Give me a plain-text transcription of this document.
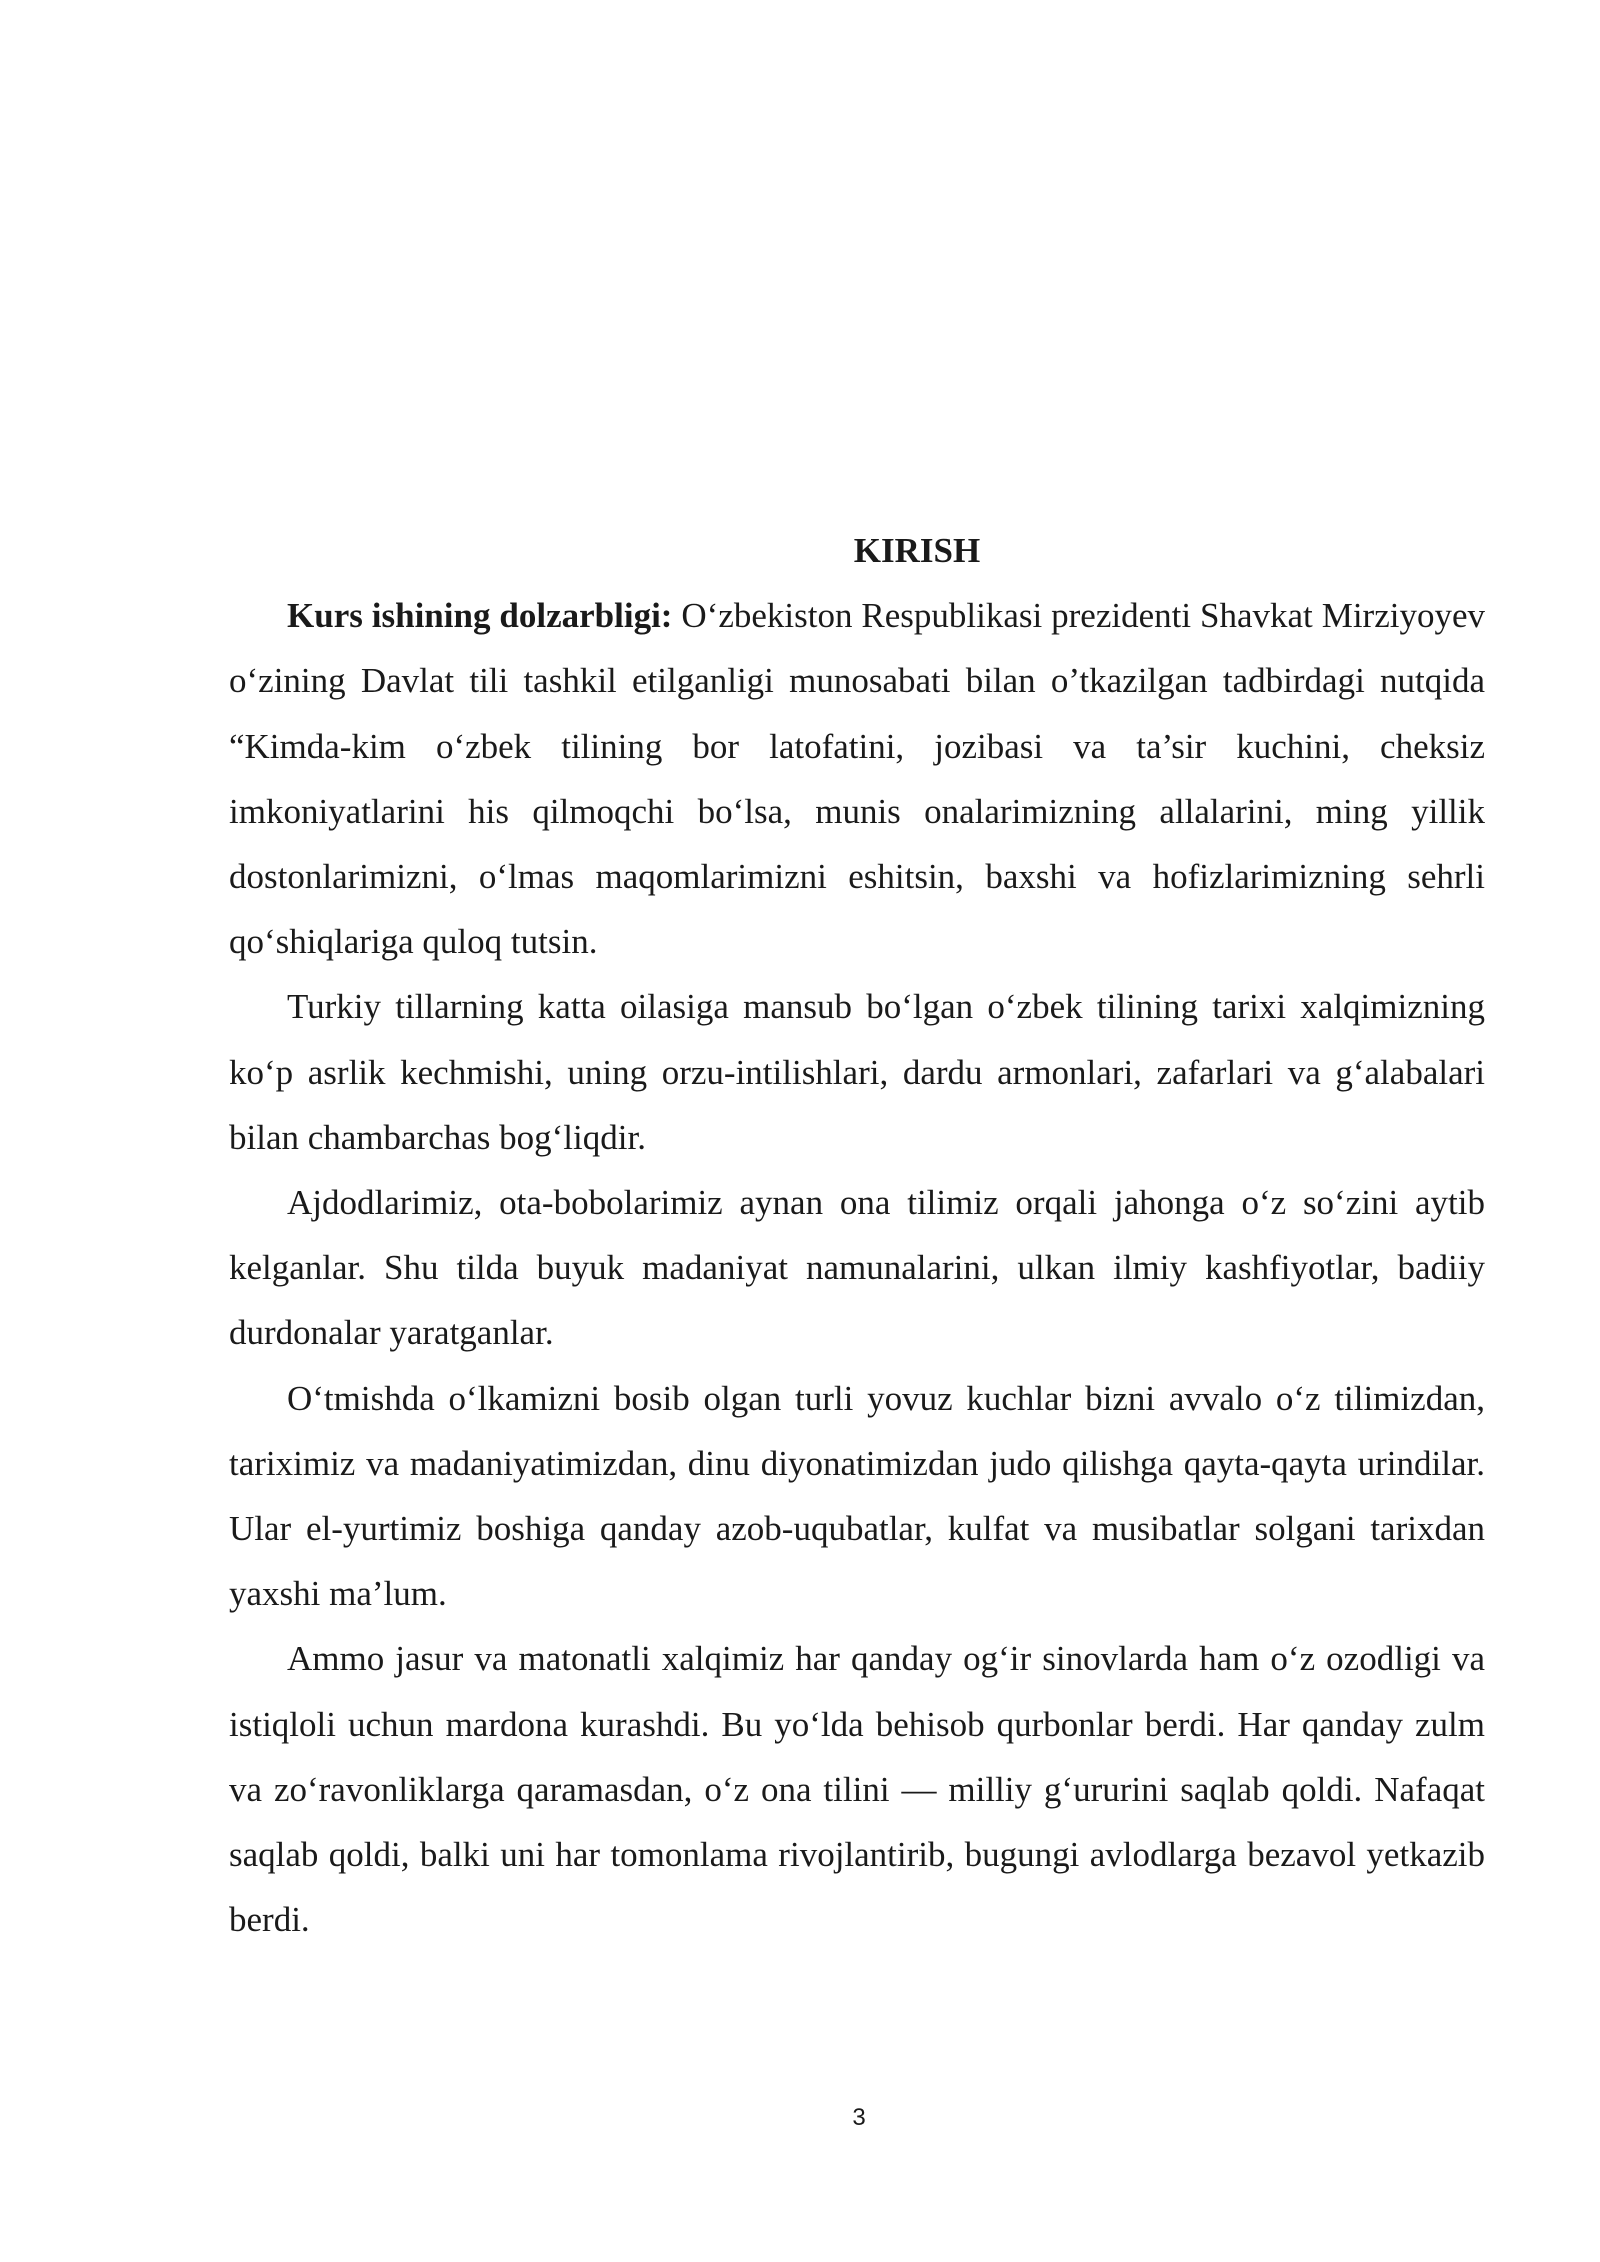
KIRISH

Kurs ishining dolzarbligi: O‘zbekiston Respublikasi prezidenti Shavkat Mirziyoyev o‘zining Davlat tili tashkil etilganligi munosabati bilan o’tkazilgan tadbirdagi nutqida “Kimda-kim o‘zbek tilining bor latofatini, jozibasi va ta’sir kuchini, cheksiz imkoniyatlarini his qilmoqchi bo‘lsa, munis onalarimizning allalarini, ming yillik dostonlarimizni, o‘lmas maqomlarimizni eshitsin, baxshi va hofizlarimizning sehrli qo‘shiqlariga quloq tutsin.

Turkiy tillarning katta oilasiga mansub bo‘lgan o‘zbek tilining tarixi xalqimizning ko‘p asrlik kechmishi, uning orzu-intilishlari, dardu armonlari, zafarlari va g‘alabalari bilan chambarchas bog‘liqdir.

Ajdodlarimiz, ota-bobolarimiz aynan ona tilimiz orqali jahonga o‘z so‘zini aytib kelganlar. Shu tilda buyuk madaniyat namunalarini, ulkan ilmiy kashfiyotlar, badiiy durdonalar yaratganlar.

O‘tmishda o‘lkamizni bosib olgan turli yovuz kuchlar bizni avvalo o‘z tilimizdan, tariximiz va madaniyatimizdan, dinu diyonatimizdan judo qilishga qayta-qayta urindilar. Ular el-yurtimiz boshiga qanday azob-uqubatlar, kulfat va musibatlar solgani tarixdan yaxshi ma’lum.

Ammo jasur va matonatli xalqimiz har qanday og‘ir sinovlarda ham o‘z ozodligi va istiqloli uchun mardona kurashdi. Bu yo‘lda behisob qurbonlar berdi. Har qanday zulm va zo‘ravonliklarga qaramasdan, o‘z ona tilini — milliy g‘ururini saqlab qoldi. Nafaqat saqlab qoldi, balki uni har tomonlama rivojlantirib, bugungi avlodlarga bezavol yetkazib berdi.

3
